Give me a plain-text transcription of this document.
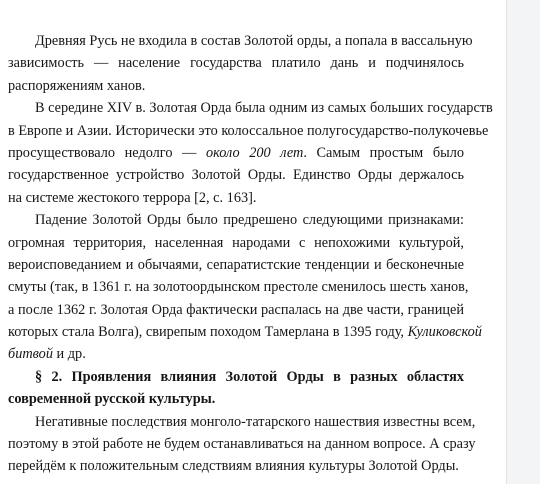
Древняя Русь не входила в состав Золотой орды, а попала в вассальную
зависимость — население государства платило дань и подчинялось
распоряжениям ханов.
В середине XIV в. Золотая Орда была одним из самых больших государств
в Европе и Азии. Исторически это колоссальное полугосударство-полукочевье
просуществовало недолго — около 200 лет. Самым простым было
государственное устройство Золотой Орды. Единство Орды держалось
на системе жестокого террора [2, с. 163].
Падение Золотой Орды было предрешено следующими признаками:
огромная территория, населенная народами с непохожими культурой,
вероисповеданием и обычаями, сепаратистские тенденции и бесконечные
смуты (так, в 1361 г. на золотоордынском престоле сменилось шесть ханов,
а после 1362 г. Золотая Орда фактически распалась на две части, границей
которых стала Волга), свирепым походом Тамерлана в 1395 году, Куликовской
битвой и др.
§ 2. Проявления влияния Золотой Орды в разных областях
современной русской культуры.
Негативные последствия монголо-татарского нашествия известны всем,
поэтому в этой работе не будем останавливаться на данном вопросе. А сразу
перейдём к положительным следствиям влияния культуры Золотой Орды.
